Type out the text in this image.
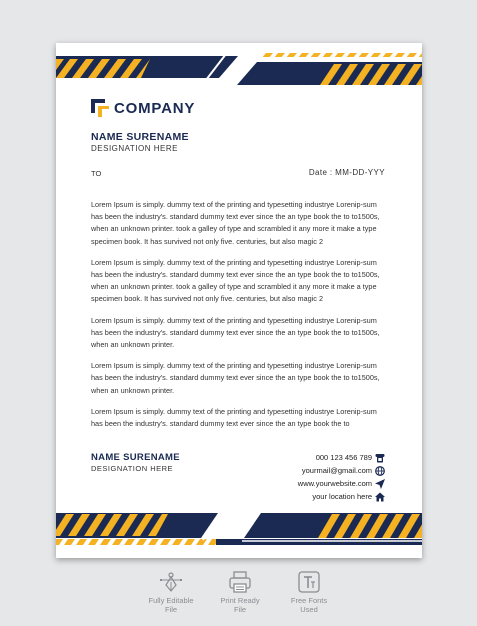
COMPANY
NAME SURENAME
DESIGNATION HERE
TO	Date : MM-DD-YYY

Lorem Ipsum is simply. dummy text of the printing and typesetting industrye Lorenip-sum has been the industry's. standard dummy text ever since the an type book the to to1500s, when an unknown printer. took a galley of type and scrambled it any more it make a type specimen book. It has survived not only five. centuries, but also magic 2

Lorem Ipsum is simply. dummy text of the printing and typesetting industrye Lorenip-sum has been the industry's. standard dummy text ever since the an type book the to to1500s, when an unknown printer. took a galley of type and scrambled it any more it make a type specimen book. It has survived not only five. centuries, but also magic 2

Lorem Ipsum is simply. dummy text of the printing and typesetting industrye Lorenip-sum has been the industry's. standard dummy text ever since the an type book the to to1500s, when an unknown printer.

Lorem Ipsum is simply. dummy text of the printing and typesetting industrye Lorenip-sum has been the industry's. standard dummy text ever since the an type book the to to1500s, when an unknown printer.

Lorem Ipsum is simply. dummy text of the printing and typesetting industrye Lorenip-sum has been the industry's. standard dummy text ever since the an type book the to

NAME SURENAME
DESIGNATION HERE
000 123 456 789
yourmail@gmail.com
www.yourwebsite.com
your location here
Fully Editable
File
Print Ready
File
Free Fonts
Used
